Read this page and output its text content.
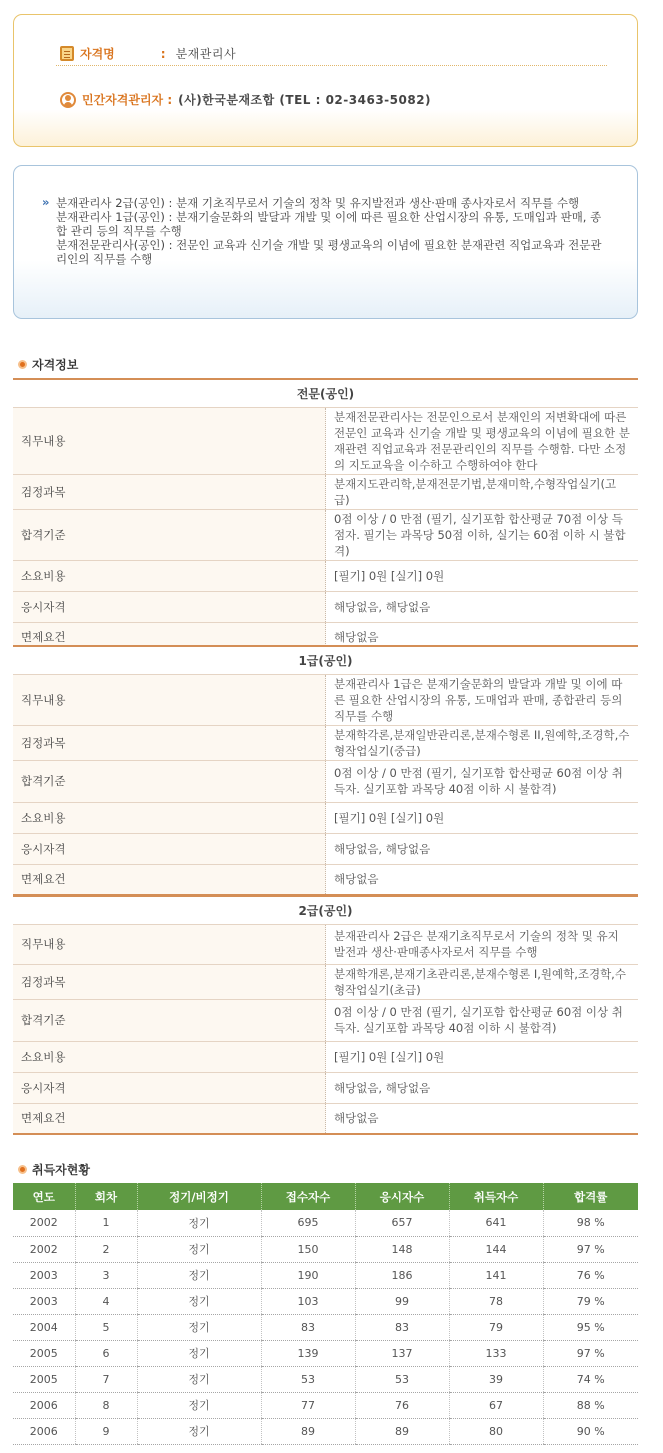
자격명	: 분재관리사
민간자격관리자 : (사)한국분재조합 (TEL : 02-3463-5082)
» 분재관리사 2급(공인) : 분재 기초직무로서 기술의 정착 및 유지발전과 생산·판매 종사자로서 직무를 수행
분재관리사 1급(공인) : 분재기술문화의 발달과 개발 및 이에 따른 필요한 산업시장의 유통, 도매입과 판매, 종합 관리 등의 직무를 수행
분재전문관리사(공인) : 전문인 교육과 신기술 개발 및 평생교육의 이념에 필요한 분재관련 직업교육과 전문관리인의 직무를 수행
자격정보
전문(공인)	
직무내용	분재전문관리사는 전문인으로서 분재인의 저변확대에 따른 전문인 교육과 신기술 개발 및 평생교육의 이념에 필요한 분재관련 직업교육과 전문관리인의 직무를 수행함. 다만 소정의 지도교육을 이수하고 수행하여야 한다
검정과목	분재지도관리학,분재전문기법,분재미학,수형작업실기(고급)
합격기준	0점 이상 / 0 만점 (필기, 실기포함 합산평균 70점 이상 득점자. 필기는 과목당 50점 이하, 실기는 60점 이하 시 불합격)
소요비용	[필기] 0원 [실기] 0원
응시자격	해당없음, 해당없음
면제요건	해당없음
1급(공인)	
직무내용	분재관리사 1급은 분재기술문화의 발달과 개발 및 이에 따른 필요한 산업시장의 유통, 도매업과 판매, 종합관리 등의 직무를 수행
검정과목	분재학각론,분재일반관리론,분재수형론 II,원예학,조경학,수형작업실기(중급)
합격기준	0점 이상 / 0 만점 (필기, 실기포함 합산평균 60점 이상 취득자. 실기포함 과목당 40점 이하 시 불합격)
소요비용	[필기] 0원 [실기] 0원
응시자격	해당없음, 해당없음
면제요건	해당없음
2급(공인)	
직무내용	분재관리사 2급은 분재기초직무로서 기술의 정착 및 유지 발전과 생산·판매종사자로서 직무를 수행
검정과목	분재학개론,분재기초관리론,분재수형론 I,원예학,조경학,수형작업실기(초급)
합격기준	0점 이상 / 0 만점 (필기, 실기포함 합산평균 60점 이상 취득자. 실기포함 과목당 40점 이하 시 불합격)
소요비용	[필기] 0원 [실기] 0원
응시자격	해당없음, 해당없음
면제요건	해당없음
취득자현황
연도	회차	정기/비정기	접수자수	응시자수	취득자수	합격률
2002	1	정기	695	657	641	98 %
2002	2	정기	150	148	144	97 %
2003	3	정기	190	186	141	76 %
2003	4	정기	103	99	78	79 %
2004	5	정기	83	83	79	95 %
2005	6	정기	139	137	133	97 %
2005	7	정기	53	53	39	74 %
2006	8	정기	77	76	67	88 %
2006	9	정기	89	89	80	90 %
